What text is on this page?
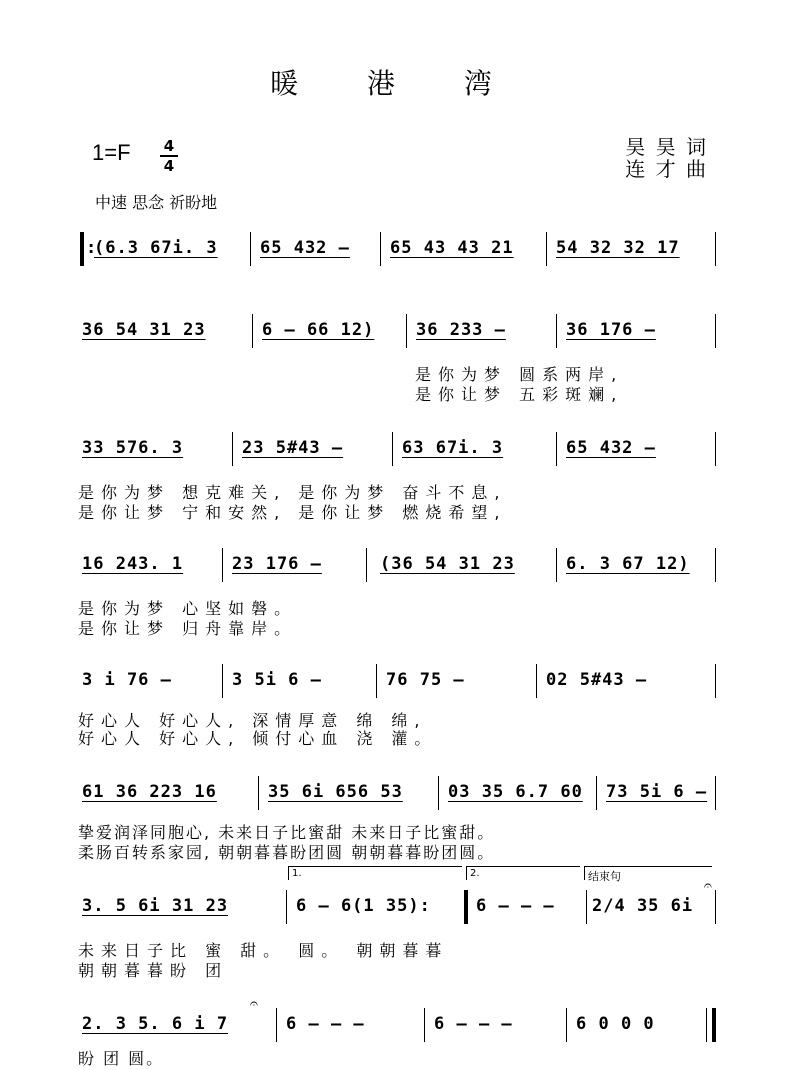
暖 港 湾
1=F 4
4
昊 昊 词
连 才 曲
中速 思念 祈盼地
:
(6.3 67i. 3 65 432 – 65 43 43 21 54 32 32 17
36 54 31 23	6 – 66 12) 36 233 –	36 176 –
是你为梦 圆系两岸,
是你让梦 五彩斑斓,
33 576. 3	23 5#43 –	63 67i. 3	65 432 –
是你为梦 想克难关, 是你为梦 奋斗不息,
是你让梦 宁和安然, 是你让梦 燃烧希望,
16 243. 1	23 176 –	(36 54 31 23	6. 3 67 12)
是你为梦 心坚如磐。
是你让梦 归舟靠岸。
3 i 76 –	3 5i 6 –	76 75 –	02 5#43 –
好心人 好心人, 深情厚意 绵 绵,
好心人 好心人, 倾付心血 浇 灌。
61 36 223 16	35 6i 656 53	03 35 6.7 60 73 5i 6 –
挚爱润泽同胞心, 未来日子比蜜甜 未来日子比蜜甜。
柔肠百转系家园, 朝朝暮暮盼团圆 朝朝暮暮盼团圆。
1.	2.	结束句
3. 5 6i 31 23	6 – 6(1 35):	6 – – – 2/4 35 6i
𝄐
未来日子比 蜜 甜。 圆。 朝朝暮暮
朝朝暮暮盼 团
2. 3 5. 6 i 7
𝄐
6 – – –	6 – – –	6 0 0 0
盼 团 圆。
